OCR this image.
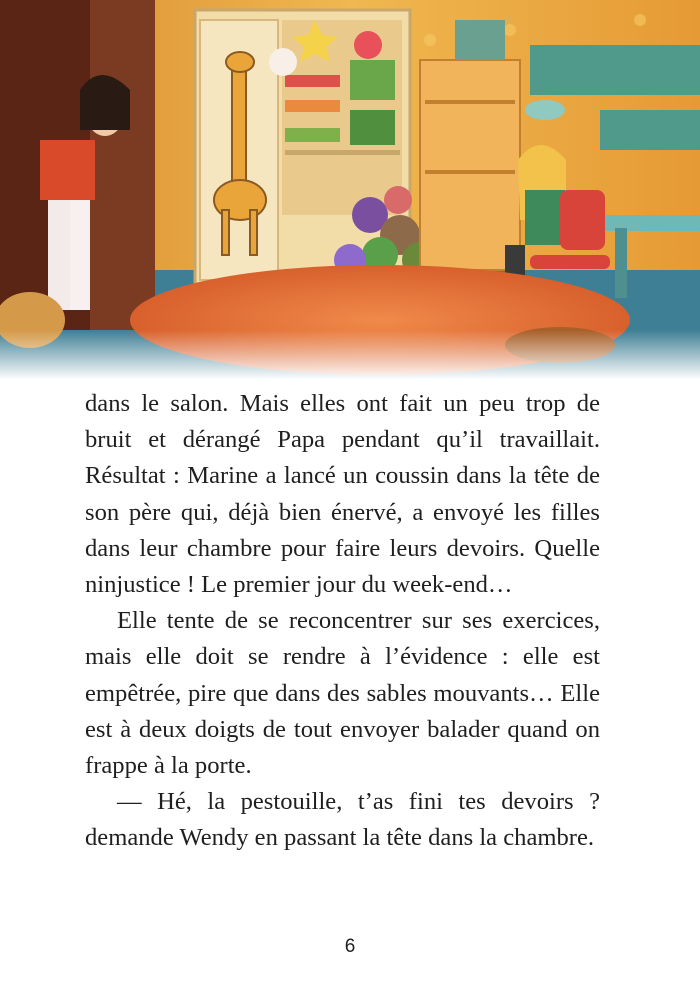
dans le salon. Mais elles ont fait un peu trop de bruit et dérangé Papa pendant qu’il travaillait. Résultat : Marine a lancé un coussin dans la tête de son père qui, déjà bien énervé, a envoyé les filles dans leur chambre pour faire leurs devoirs. Quelle ninjustice ! Le premier jour du week-end…

Elle tente de se reconcentrer sur ses exercices, mais elle doit se rendre à l’évidence : elle est empêtrée, pire que dans des sables mouvants… Elle est à deux doigts de tout envoyer balader quand on frappe à la porte.

— Hé, la pestouille, t’as fini tes devoirs ? demande Wendy en passant la tête dans la chambre.

6
